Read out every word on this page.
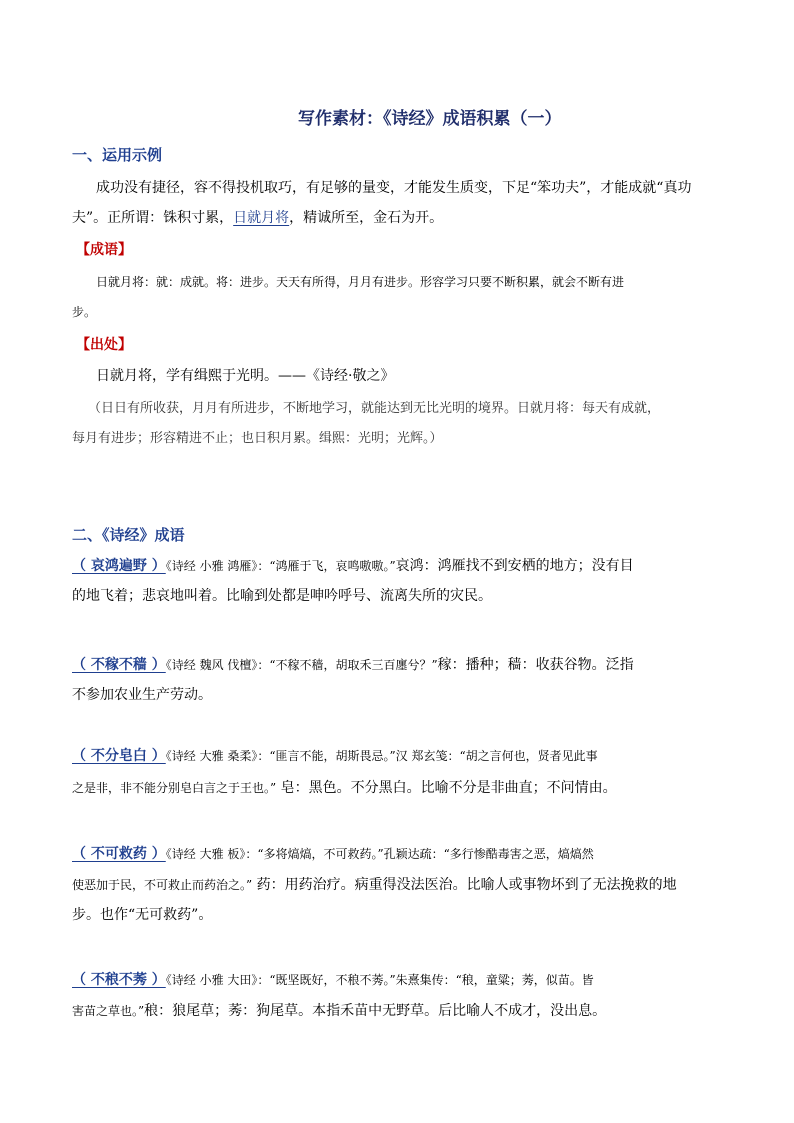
写作素材：《诗经》成语积累（一）
一、运用示例
成功没有捷径，容不得投机取巧，有足够的量变，才能发生质变，下足“笨功夫”，才能成就“真功
夫”。正所谓：铢积寸累，日就月将，精诚所至，金石为开。
【成语】
日就月将：就：成就。将：进步。天天有所得，月月有进步。形容学习只要不断积累，就会不断有进
步。
【出处】
日就月将，学有缉熙于光明。——《诗经·敬之》
（日日有所收获，月月有所进步，不断地学习，就能达到无比光明的境界。日就月将：每天有成就，
每月有进步；形容精进不止；也日积月累。缉熙：光明；光辉。）
二、《诗经》成语
（ 哀鸿遍野 ）《诗经 小雅 鸿雁》：“鸿雁于飞，哀鸣嗷嗷。”哀鸿：鸿雁找不到安栖的地方；没有目
的地飞着；悲哀地叫着。比喻到处都是呻吟呼号、流离失所的灾民。
（ 不稼不穑 ）《诗经 魏风 伐檀》：“不稼不穑，胡取禾三百廛兮？”稼：播种；穑：收获谷物。泛指
不参加农业生产劳动。
（ 不分皂白 ）《诗经 大雅 桑柔》：“匪言不能，胡斯畏忌。”汉 郑玄笺：“胡之言何也，贤者见此事
之是非，非不能分别皂白言之于王也。” 皂：黑色。不分黑白。比喻不分是非曲直；不问情由。
（ 不可救药 ）《诗经 大雅 板》：“多将熇熇，不可救药。”孔颖达疏：“多行惨酷毒害之恶，熇熇然
使恶加于民，不可救止而药治之。” 药：用药治疗。病重得没法医治。比喻人或事物坏到了无法挽救的地
步。也作“无可救药”。
（ 不稂不莠 ）《诗经 小雅 大田》：“既坚既好，不稂不莠。”朱熹集传：“稂，童粱；莠，似苗。皆
害苗之草也。”稂：狼尾草；莠：狗尾草。本指禾苗中无野草。后比喻人不成才，没出息。
